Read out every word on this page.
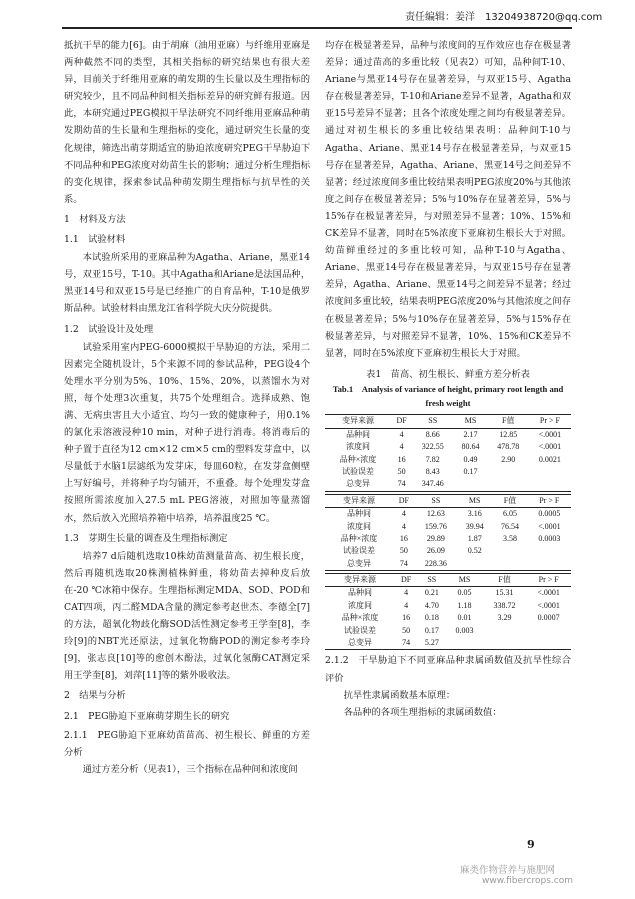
责任编辑：姜洋　13204938720@qq.com

抵抗干旱的能力[6]。由于胡麻（油用亚麻）与纤维用亚麻是两种截然不同的类型，其相关指标的研究结果也有很大差异，目前关于纤维用亚麻的萌发期的生长量以及生理指标的研究较少，且不同品种间相关指标差异的研究鲜有报道。因此，本研究通过PEG模拟干旱法研究不同纤维用亚麻品种萌发期幼苗的生长量和生理指标的变化，通过研究生长量的变化规律，筛选出萌芽期适宜的胁迫浓度研究PEG干旱胁迫下不同品种和PEG浓度对幼苗生长的影响；通过分析生理指标的变化规律，探索参试品种萌发期生理指标与抗旱性的关系。

1　材料及方法

1.1　试验材料

本试验所采用的亚麻品种为Agatha、Ariane，黑亚14号，双亚15号，T-10。其中Agatha和Ariane是法国品种，黑亚14号和双亚15号是已经推广的自育品种，T-10是俄罗斯品种。试验材料由黑龙江省科学院大庆分院提供。

1.2　试验设计及处理

试验采用室内PEG-6000模拟干旱胁迫的方法，采用二因素完全随机设计，5个来源不同的参试品种，PEG设4个处理水平分别为5%、10%、15%、20%，以蒸馏水为对照，每个处理3次重复，共75个处理组合。选择成熟、饱满、无病虫害且大小适宜、均匀一致的健康种子，用0.1%的氯化汞溶液浸种10 min，对种子进行消毒。将消毒后的种子置于直径为12 cm×12 cm×5 cm的塑料发芽盒中，以尽量低于水脑1层滤纸为发芽床，每皿60粒，在发芽盒侧壁上写好编号，并将种子均匀铺开，不重叠。每个处理发芽盒按照所需浓度加入27.5 mL PEG溶液，对照加等量蒸馏水，然后放入光照培养箱中培养，培养温度25 ℃。

1.3　芽期生长量的调查及生理指标测定

培养7 d后随机选取10株幼苗测量苗高、初生根长度，然后再随机选取20株测植株鲜重，将幼苗去掉种皮后放在-20 ℃冰箱中保存。生理指标测定MDA、SOD、POD和CAT四项，丙二醛MDA含量的测定参考赵世杰、李德全[7]的方法，超氧化物歧化酶SOD活性测定参考王学奎[8]，李玲[9]的NBT光还原法，过氧化物酶POD的测定参考李玲[9]，张志良[10]等的愈创木酚法，过氧化氢酶CAT测定采用王学奎[8]，刘萍[11]等的紫外吸收法。

2　结果与分析

2.1　PEG胁迫下亚麻萌芽期生长的研究

2.1.1　PEG胁迫下亚麻幼苗苗高、初生根长、鲜重的方差分析

通过方差分析（见表1），三个指标在品种间和浓度间

均存在极显著差异，品种与浓度间的互作效应也存在极显著差异；通过苗高的多重比较（见表2）可知，品种间T-10、Ariane与黑亚14号存在显著差异，与双亚15号、Agatha存在极显著差异，T-10和Ariane差异不显著，Agatha和双亚15号差异不显著；且各个浓度处理之间均有极显著差异。通过对初生根长的多重比较结果表明：品种间T-10与Agatha、Ariane、黑亚14号存在极显著差异，与双亚15号存在显著差异，Agatha、Ariane、黑亚14号之间差异不显著；经过浓度间多重比较结果表明PEG浓度20%与其他浓度之间存在极显著差异；5%与10%存在显著差异，5%与15%存在极显著差异，与对照差异不显著；10%、15%和CK差异不显著，同时在5%浓度下亚麻初生根长大于对照。幼苗鲜重经过的多重比较可知，品种T-10与Agatha、Ariane、黑亚14号存在极显著差异，与双亚15号存在显著差异，Agatha、Ariane、黑亚14号之间差异不显著；经过浓度间多重比较，结果表明PEG浓度20%与其他浓度之间存在极显著差异；5%与10%存在显著差异，5%与15%存在极显著差异，与对照差异不显著，10%、15%和CK差异不显著，同时在5%浓度下亚麻初生根长大于对照。

表1　苗高、初生根长、鲜重方差分析表

Tab.1　Analysis of variance of height, primary root length and fresh weight

变异来源	DF	SS	MS	F值	Pr > F
品种间	4	8.66	2.17	12.85	<.0001
浓度间	4	322.55	80.64	478.78	<.0001
品种×浓度	16	7.82	0.49	2.90	0.0021
试验误差	50	8.43	0.17		
总变异	74	347.46			
变异来源	DF	SS	MS	F值	Pr > F
品种间	4	12.63	3.16	6.05	0.0005
浓度间	4	159.76	39.94	76.54	<.0001
品种×浓度	16	29.89	1.87	3.58	0.0003
试验误差	50	26.09	0.52		
总变异	74	228.36			
变异来源	DF	SS	MS	F值	Pr > F
品种间	4	0.21	0.05	15.31	<.0001
浓度间	4	4.70	1.18	338.72	<.0001
品种×浓度	16	0.18	0.01	3.29	0.0007
试验误差	50	0.17	0.003		
总变异	74	5.27			

2.1.2　干旱胁迫下不同亚麻品种隶属函数值及抗旱性综合评价

抗旱性隶属函数基本原理：

各品种的各项生理指标的隶属函数值：

9
麻类作物营养与施肥网
www.fibercrops.com
